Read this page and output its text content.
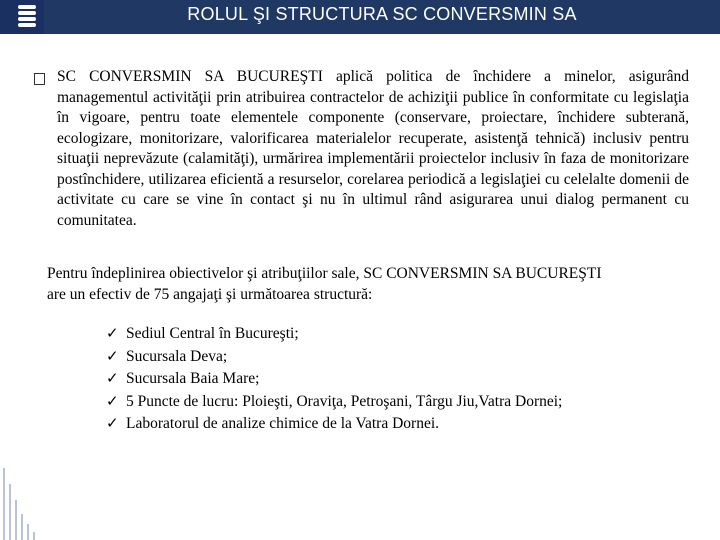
ROLUL ŞI STRUCTURA SC CONVERSMIN SA

SC CONVERSMIN SA BUCUREŞTI aplică politica de închidere a minelor, asigurând managementul activităţii prin atribuirea contractelor de achiziţii publice în conformitate cu legislaţia în vigoare, pentru toate elementele componente (conservare, proiectare, închidere subterană, ecologizare, monitorizare, valorificarea materialelor recuperate, asistenţă tehnică) inclusiv pentru situaţii neprevăzute (calamităţi), urmărirea implementării proiectelor inclusiv în faza de monitorizare postînchidere, utilizarea eficientă a resurselor, corelarea periodică a legislaţiei cu celelalte domenii de activitate cu care se vine în contact şi nu în ultimul rând asigurarea unui dialog permanent cu comunitatea.

Pentru îndeplinirea obiectivelor şi atribuţiilor sale, SC CONVERSMIN SA BUCUREŞTI are un efectiv de 75 angajaţi şi următoarea structură:

✓ Sediul Central în Bucureşti;
✓ Sucursala Deva;
✓ Sucursala Baia Mare;
✓ 5 Puncte de lucru: Ploieşti, Oraviţa, Petroşani, Târgu Jiu,Vatra Dornei;
✓ Laboratorul de analize chimice de la Vatra Dornei.
